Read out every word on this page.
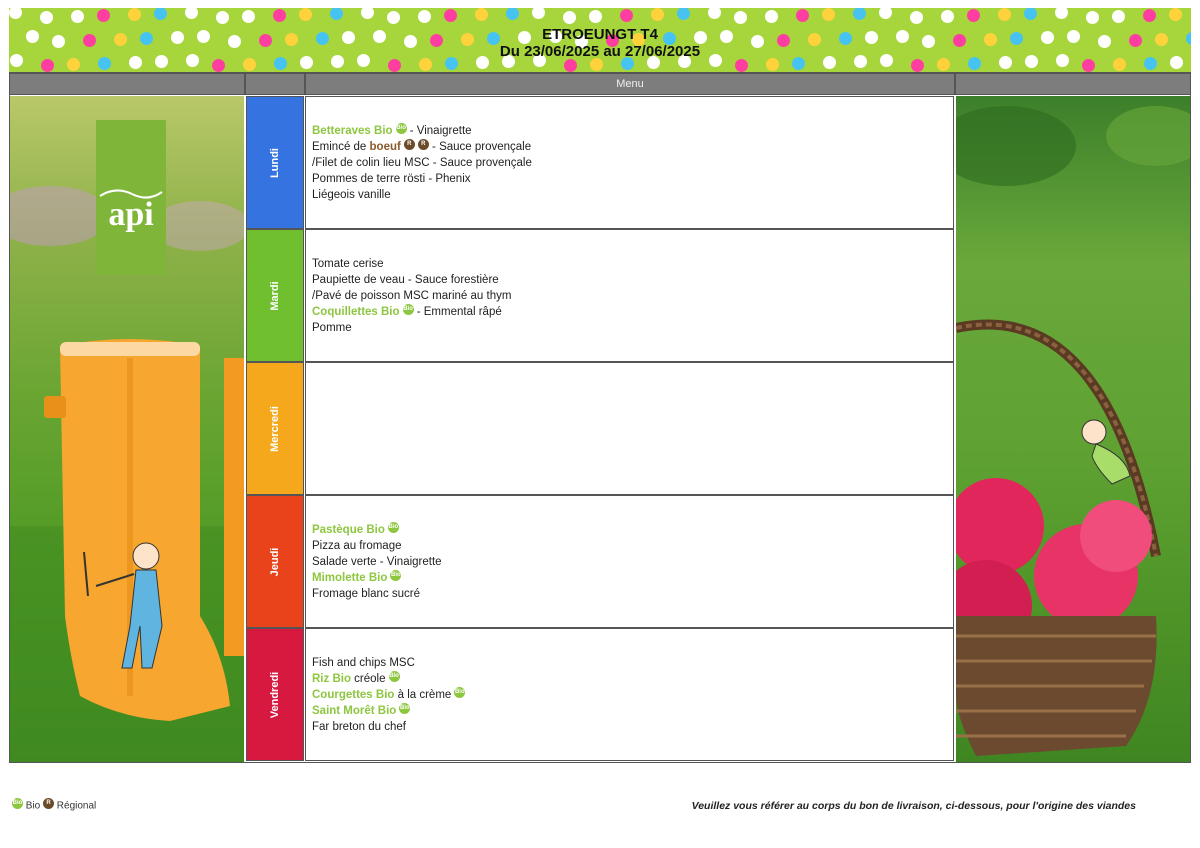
ETROEUNGT T4
Du 23/06/2025 au 27/06/2025
Menu
api
Lundi
Betteraves Bio Bio - Vinaigrette
Emincé de boeuf R R - Sauce provençale
/Filet de colin lieu MSC - Sauce provençale
Pommes de terre rösti - Phenix
Liégeois vanille
Mardi
Tomate cerise
Paupiette de veau - Sauce forestière
/Pavé de poisson MSC mariné au thym
Coquillettes Bio Bio - Emmental râpé
Pomme
Mercredi
Jeudi
Pastèque Bio Bio
Pizza au fromage
Salade verte - Vinaigrette
Mimolette Bio Bio
Fromage blanc sucré
Vendredi
Fish and chips MSC
Riz Bio créole Bio
Courgettes Bio à la crème Bio
Saint Morêt Bio Bio
Far breton du chef
Bio Bio R Régional	Veuillez vous référer au corps du bon de livraison, ci-dessous, pour l'origine des viandes
